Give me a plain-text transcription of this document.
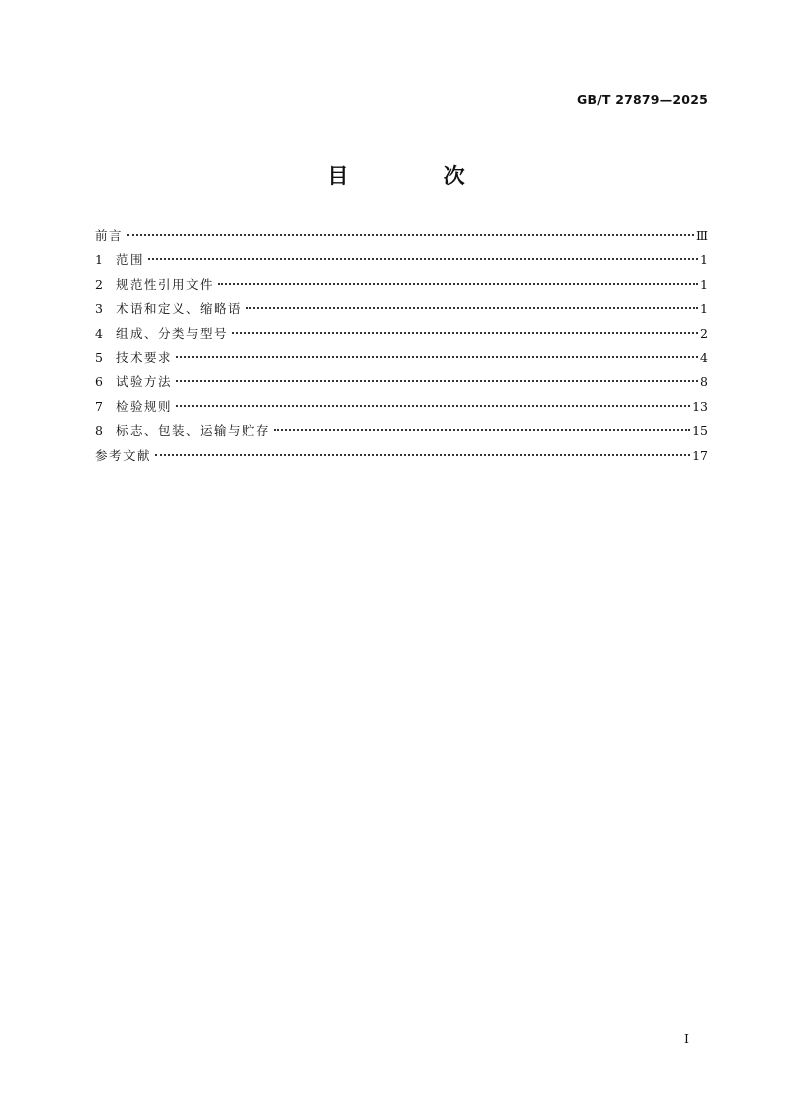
GB/T 27879—2025
目 次
前言	Ⅲ
1	范围	1
2	规范性引用文件	1
3	术语和定义、缩略语	1
4	组成、分类与型号	2
5	技术要求	4
6	试验方法	8
7	检验规则	13
8	标志、包装、运输与贮存	15
参考文献	17
Ⅰ
